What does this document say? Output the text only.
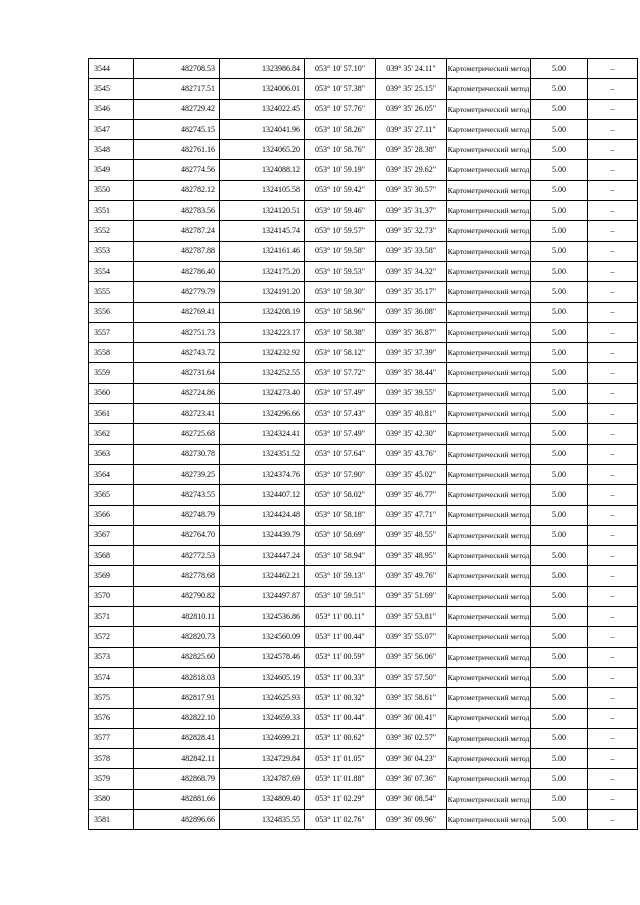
3544	482708.53	1323986.84	053° 10' 57.10"	039° 35' 24.11"	Картометрический метод	5.00	–
3545	482717.51	1324006.01	053° 10' 57.38"	039° 35' 25.15"	Картометрический метод	5.00	–
3546	482729.42	1324022.45	053° 10' 57.76"	039° 35' 26.05"	Картометрический метод	5.00	–
3547	482745.15	1324041.96	053° 10' 58.26"	039° 35' 27.11"	Картометрический метод	5.00	–
3548	482761.16	1324065.20	053° 10' 58.76"	039° 35' 28.38"	Картометрический метод	5.00	–
3549	482774.56	1324088.12	053° 10' 59.19"	039° 35' 29.62"	Картометрический метод	5.00	–
3550	482782.12	1324105.58	053° 10' 59.42"	039° 35' 30.57"	Картометрический метод	5.00	–
3551	482783.56	1324120.51	053° 10' 59.46"	039° 35' 31.37"	Картометрический метод	5.00	–
3552	482787.24	1324145.74	053° 10' 59.57"	039° 35' 32.73"	Картометрический метод	5.00	–
3553	482787.88	1324161.46	053° 10' 59.58"	039° 35' 33.58"	Картометрический метод	5.00	–
3554	482786.40	1324175.20	053° 10' 59.53"	039° 35' 34.32"	Картометрический метод	5.00	–
3555	482779.79	1324191.20	053° 10' 59.30"	039° 35' 35.17"	Картометрический метод	5.00	–
3556	482769.41	1324208.19	053° 10' 58.96"	039° 35' 36.08"	Картометрический метод	5.00	–
3557	482751.73	1324223.17	053° 10' 58.38"	039° 35' 36.87"	Картометрический метод	5.00	–
3558	482743.72	1324232.92	053° 10' 58.12"	039° 35' 37.39"	Картометрический метод	5.00	–
3559	482731.64	1324252.55	053° 10' 57.72"	039° 35' 38.44"	Картометрический метод	5.00	–
3560	482724.86	1324273.40	053° 10' 57.49"	039° 35' 39.55"	Картометрический метод	5.00	–
3561	482723.41	1324296.66	053° 10' 57.43"	039° 35' 40.81"	Картометрический метод	5.00	–
3562	482725.68	1324324.41	053° 10' 57.49"	039° 35' 42.30"	Картометрический метод	5.00	–
3563	482730.78	1324351.52	053° 10' 57.64"	039° 35' 43.76"	Картометрический метод	5.00	–
3564	482739.25	1324374.76	053° 10' 57.90"	039° 35' 45.02"	Картометрический метод	5.00	–
3565	482743.55	1324407.12	053° 10' 58.02"	039° 35' 46.77"	Картометрический метод	5.00	–
3566	482748.79	1324424.48	053° 10' 58.18"	039° 35' 47.71"	Картометрический метод	5.00	–
3567	482764.70	1324439.79	053° 10' 58.69"	039° 35' 48.55"	Картометрический метод	5.00	–
3568	482772.53	1324447.24	053° 10' 58.94"	039° 35' 48.95"	Картометрический метод	5.00	–
3569	482778.68	1324462.21	053° 10' 59.13"	039° 35' 49.76"	Картометрический метод	5.00	–
3570	482790.82	1324497.87	053° 10' 59.51"	039° 35' 51.69"	Картометрический метод	5.00	–
3571	482810.11	1324536.86	053° 11' 00.11"	039° 35' 53.81"	Картометрический метод	5.00	–
3572	482820.73	1324560.09	053° 11' 00.44"	039° 35' 55.07"	Картометрический метод	5.00	–
3573	482825.60	1324578.46	053° 11' 00.59"	039° 35' 56.06"	Картометрический метод	5.00	–
3574	482818.03	1324605.19	053° 11' 00.33"	039° 35' 57.50"	Картометрический метод	5.00	–
3575	482817.91	1324625.93	053° 11' 00.32"	039° 35' 58.61"	Картометрический метод	5.00	–
3576	482822.10	1324659.33	053° 11' 00.44"	039° 36' 00.41"	Картометрический метод	5.00	–
3577	482828.41	1324699.21	053° 11' 00.62"	039° 36' 02.57"	Картометрический метод	5.00	–
3578	482842.11	1324729.84	053° 11' 01.05"	039° 36' 04.23"	Картометрический метод	5.00	–
3579	482868.79	1324787.69	053° 11' 01.88"	039° 36' 07.36"	Картометрический метод	5.00	–
3580	482881.66	1324809.40	053° 11' 02.29"	039° 36' 08.54"	Картометрический метод	5.00	–
3581	482896.66	1324835.55	053° 11' 02.76"	039° 36' 09.96"	Картометрический метод	5.00	–
